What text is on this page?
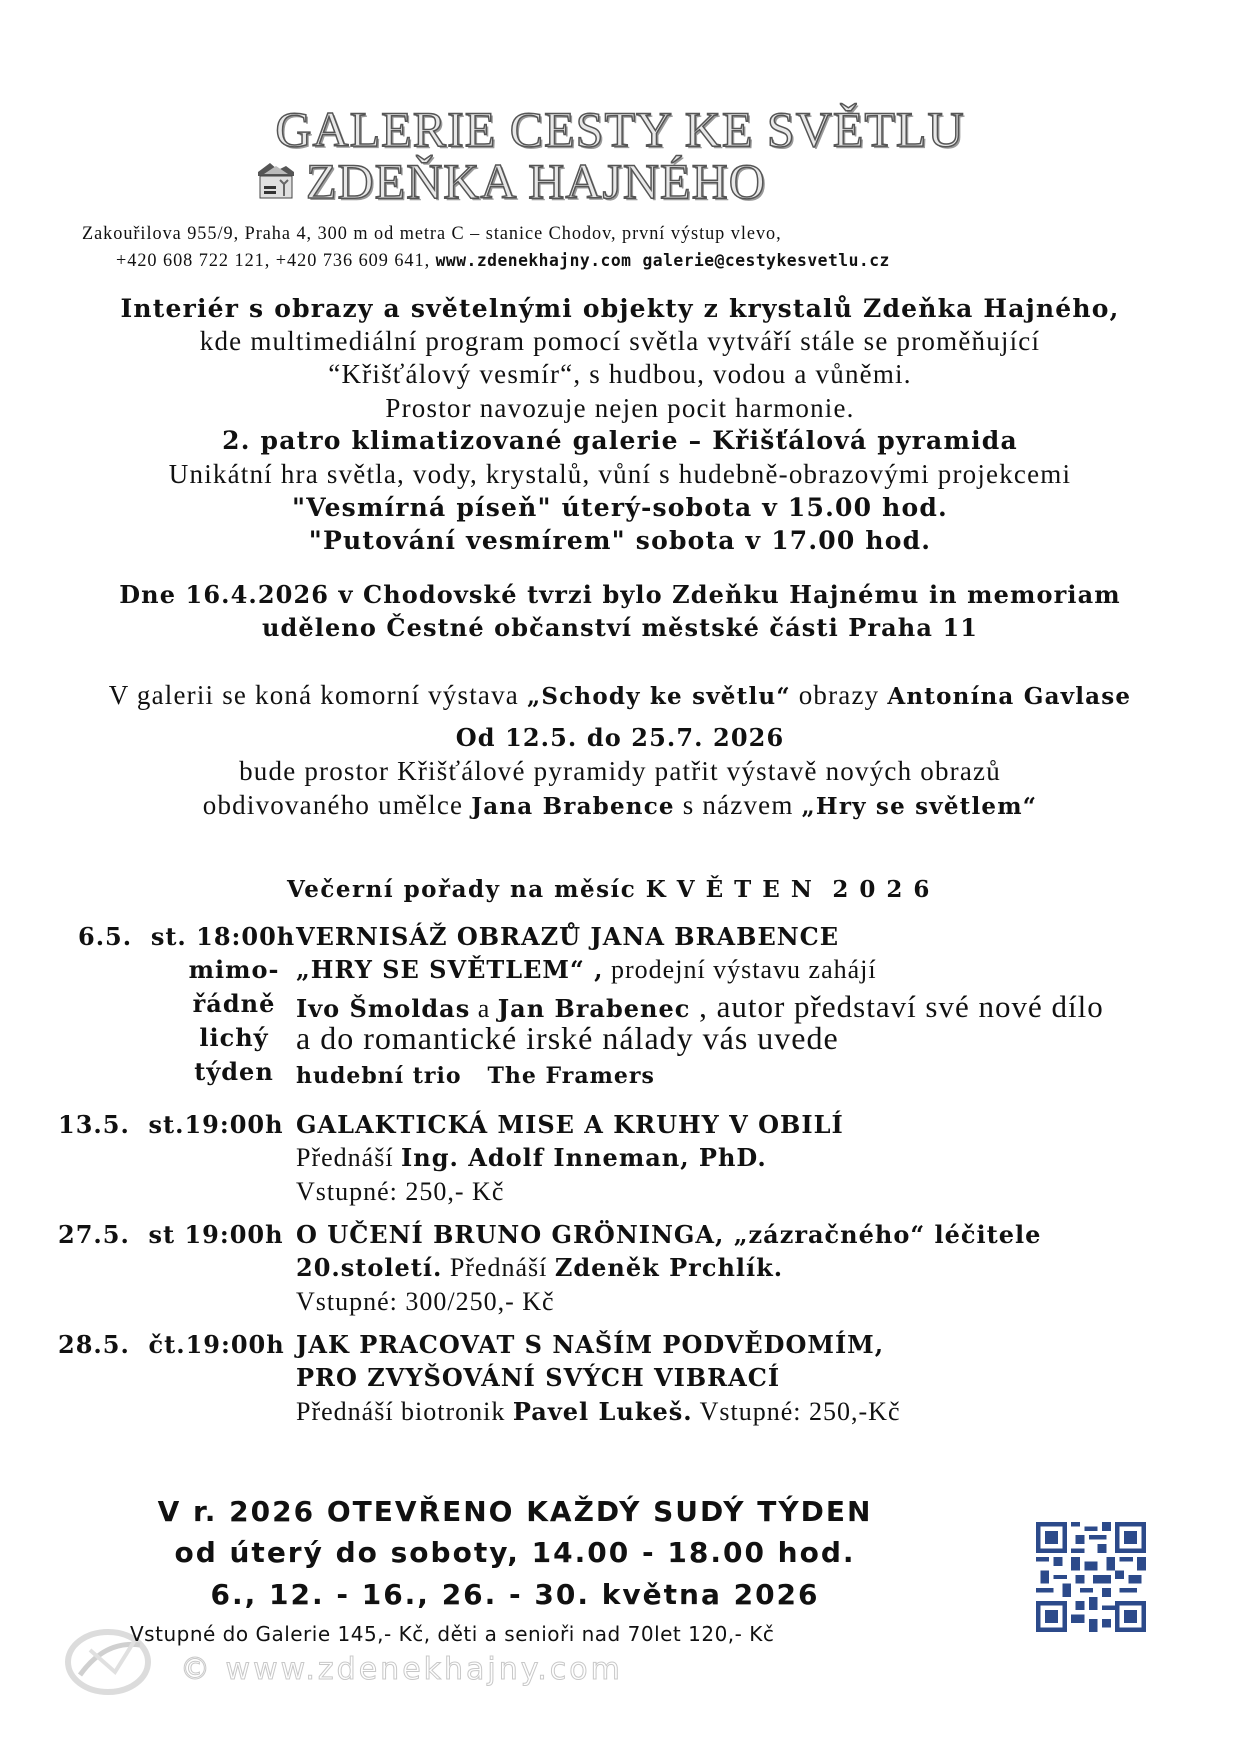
GALERIE CESTY KE SVĚTLU
ZDEŇKA HAJNÉHO
Zakouřilova 955/9, Praha 4, 300 m od metra C – stanice Chodov, první výstup vlevo,
+420 608 722 121, +420 736 609 641, www.zdenekhajny.com galerie@cestykesvetlu.cz
Interiér s obrazy a světelnými objekty z krystalů Zdeňka Hajného,
kde multimediální program pomocí světla vytváří stále se proměňující
“Křišťálový vesmír“, s hudbou, vodou a vůněmi.
Prostor navozuje nejen pocit harmonie.
2. patro klimatizované galerie – Křišťálová pyramida
Unikátní hra světla, vody, krystalů, vůní s hudebně-obrazovými projekcemi
"Vesmírná píseň" úterý-sobota v 15.00 hod.
"Putování vesmírem" sobota v 17.00 hod.
Dne 16.4.2026 v Chodovské tvrzi bylo Zdeňku Hajnému in memoriam
uděleno Čestné občanství městské části Praha 11
V galerii se koná komorní výstava „Schody ke světlu“ obrazy Antonína Gavlase
Od 12.5. do 25.7. 2026
bude prostor Křišťálové pyramidy patřit výstavě nových obrazů
obdivovaného umělce Jana Brabence s názvem „Hry se světlem“
Večerní pořady na měsíc K V Ě T E N  2 0 2 6
6.5.  st. 18:00h
mimo-
řádně
lichý
týden
VERNISÁŽ OBRAZŮ JANA BRABENCE
„HRY SE SVĚTLEM“ , prodejní výstavu zahájí
Ivo Šmoldas a Jan Brabenec , autor představí své nové dílo
a do romantické irské nálady vás uvede
hudební trio   The Framers
13.5.  st.19:00h GALAKTICKÁ MISE A KRUHY V OBILÍ
Přednáší Ing. Adolf Inneman, PhD.
Vstupné: 250,- Kč
27.5.  st 19:00h O UČENÍ BRUNO GRÖNINGA, „zázračného“ léčitele
20.století. Přednáší Zdeněk Prchlík.
Vstupné: 300/250,- Kč
28.5.  čt.19:00h JAK PRACOVAT S NAŠÍM PODVĚDOMÍM,
PRO ZVYŠOVÁNÍ SVÝCH VIBRACÍ
Přednáší biotronik Pavel Lukeš. Vstupné: 250,-Kč
V r. 2026 OTEVŘENO KAŽDÝ SUDÝ TÝDEN
od úterý do soboty, 14.00 - 18.00 hod.
6., 12. - 16., 26. - 30. května 2026
© www.zdenekhajny.com
Vstupné do Galerie 145,- Kč, děti a senioři nad 70let 120,- Kč
